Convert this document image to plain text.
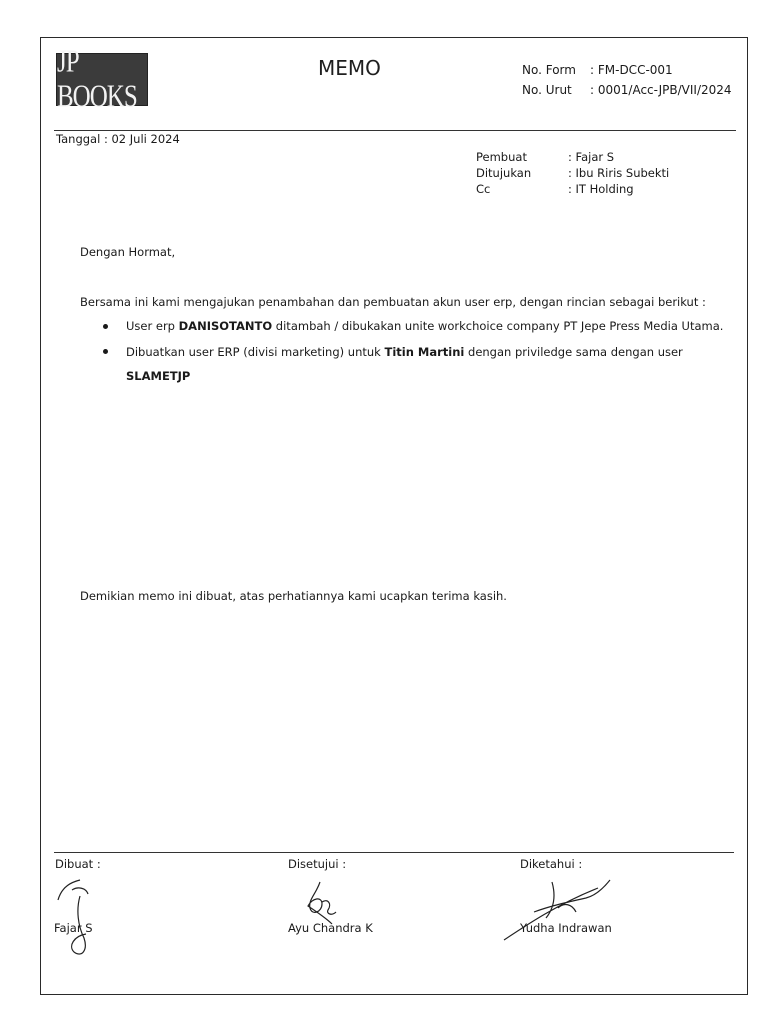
JP BOOKS
MEMO	No. Form : FM-DCC-001
No. Urut : 0001/Acc-JPB/VII/2024
Tanggal : 02 Juli 2024
Pembuat	: Fajar S
Ditujukan	: Ibu Riris Subekti
Cc	: IT Holding
Dengan Hormat,
Bersama ini kami mengajukan penambahan dan pembuatan akun user erp, dengan rincian sebagai berikut :
User erp DANISOTANTO ditambah / dibukakan unite workchoice company PT Jepe Press Media Utama.
Dibuatkan user ERP (divisi marketing) untuk Titin Martini dengan priviledge sama dengan user
SLAMETJP
Demikian memo ini dibuat, atas perhatiannya kami ucapkan terima kasih.
Dibuat :	Disetujui :	Diketahui :
Fajar S	Ayu Chandra K	Yudha Indrawan
